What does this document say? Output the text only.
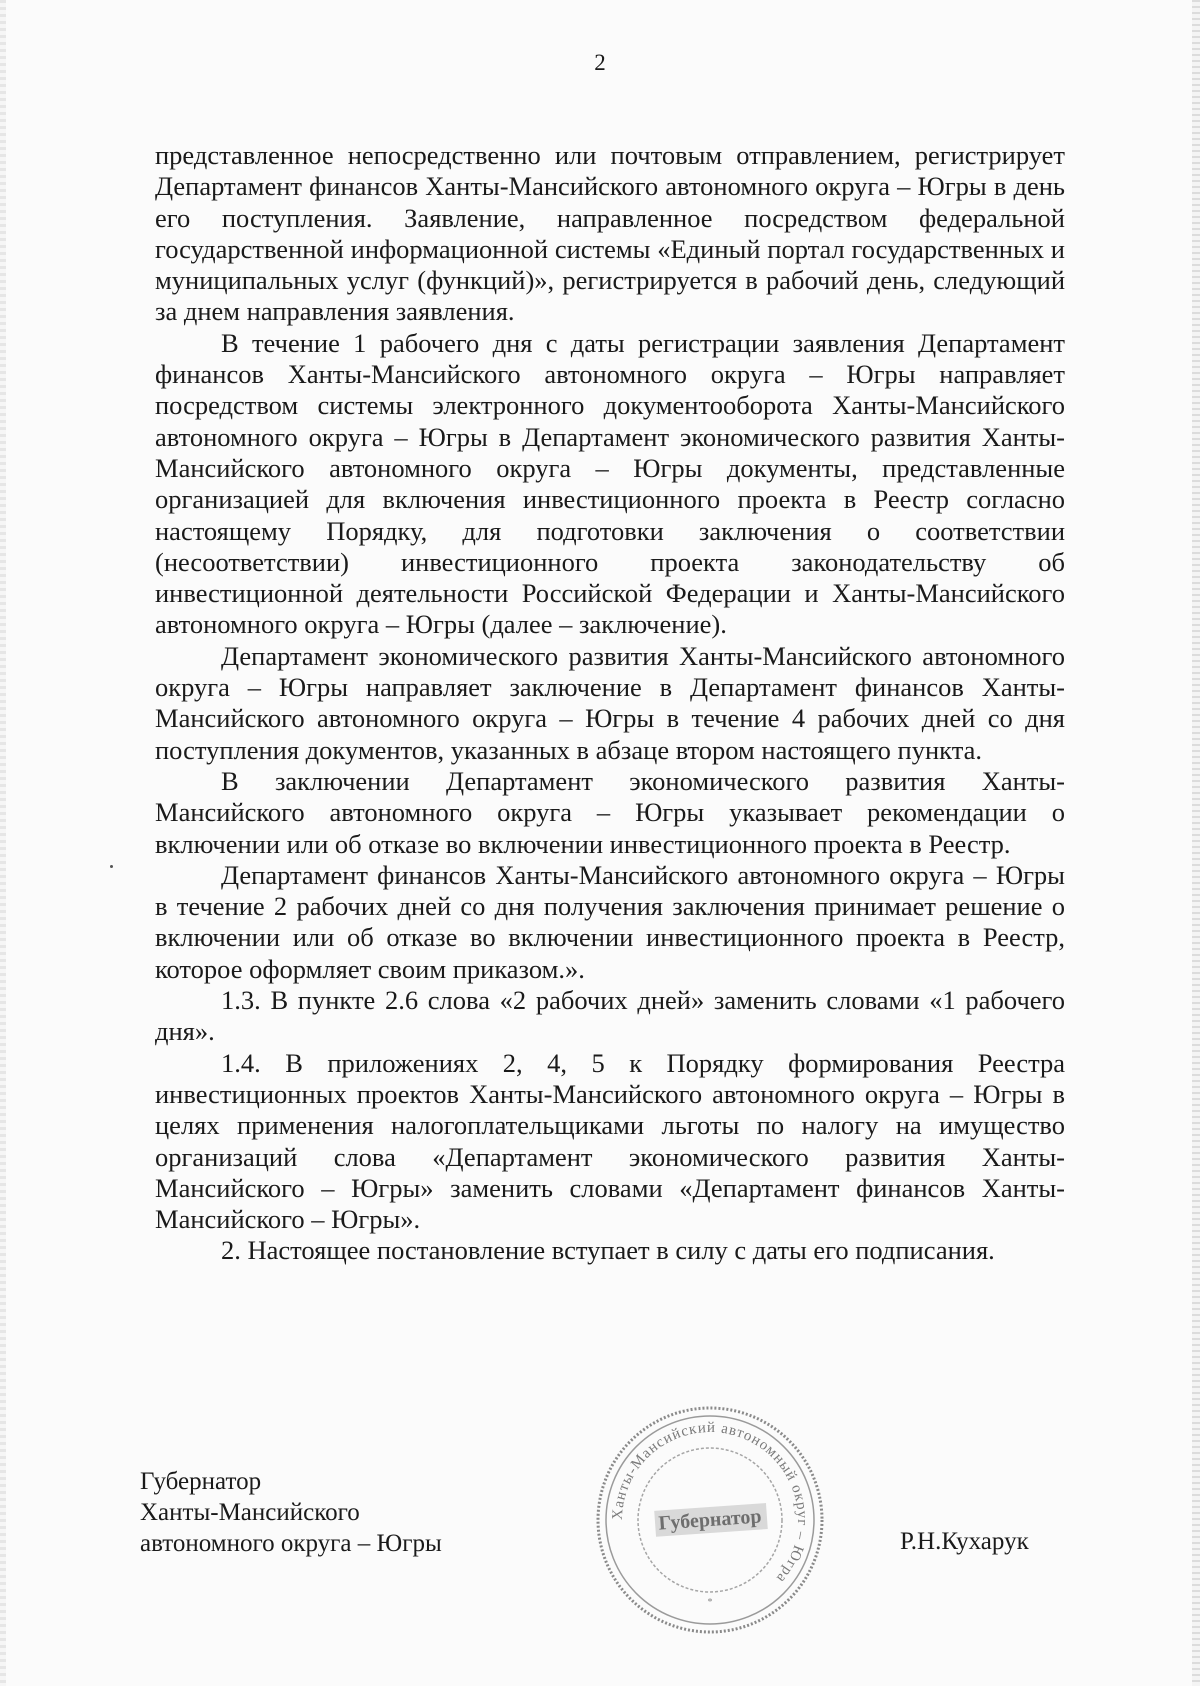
2

представленное непосредственно или почтовым отправлением, регистрирует Департамент финансов Ханты-Мансийского автономного округа – Югры в день его поступления. Заявление, направленное посредством федеральной государственной информационной системы «Единый портал государственных и муниципальных услуг (функций)», регистрируется в рабочий день, следующий за днем направления заявления.

В течение 1 рабочего дня с даты регистрации заявления Департамент финансов Ханты-Мансийского автономного округа – Югры направляет посредством системы электронного документооборота Ханты-Мансийского автономного округа – Югры в Департамент экономического развития Ханты-Мансийского автономного округа – Югры документы, представленные организацией для включения инвестиционного проекта в Реестр согласно настоящему Порядку, для подготовки заключения о соответствии (несоответствии) инвестиционного проекта законодательству об инвестиционной деятельности Российской Федерации и Ханты-Мансийского автономного округа – Югры (далее – заключение).

Департамент экономического развития Ханты-Мансийского автономного округа – Югры направляет заключение в Департамент финансов Ханты-Мансийского автономного округа – Югры в течение 4 рабочих дней со дня поступления документов, указанных в абзаце втором настоящего пункта.

В заключении Департамент экономического развития Ханты-Мансийского автономного округа – Югры указывает рекомендации о включении или об отказе во включении инвестиционного проекта в Реестр.

Департамент финансов Ханты-Мансийского автономного округа – Югры в течение 2 рабочих дней со дня получения заключения принимает решение о включении или об отказе во включении инвестиционного проекта в Реестр, которое оформляет своим приказом.».

1.3. В пункте 2.6 слова «2 рабочих дней» заменить словами «1 рабочего дня».

1.4. В приложениях 2, 4, 5 к Порядку формирования Реестра инвестиционных проектов Ханты-Мансийского автономного округа – Югры в целях применения налогоплательщиками льготы по налогу на имущество организаций слова «Департамент экономического развития Ханты-Мансийского – Югры» заменить словами «Департамент финансов Ханты-Мансийского – Югры».

2. Настоящее постановление вступает в силу с даты его подписания.

Губернатор
Ханты-Мансийского
автономного округа – Югры
Ханты-Мансийский автономный округ – Югра
Губернатор
*
Р.Н.Кухарук
